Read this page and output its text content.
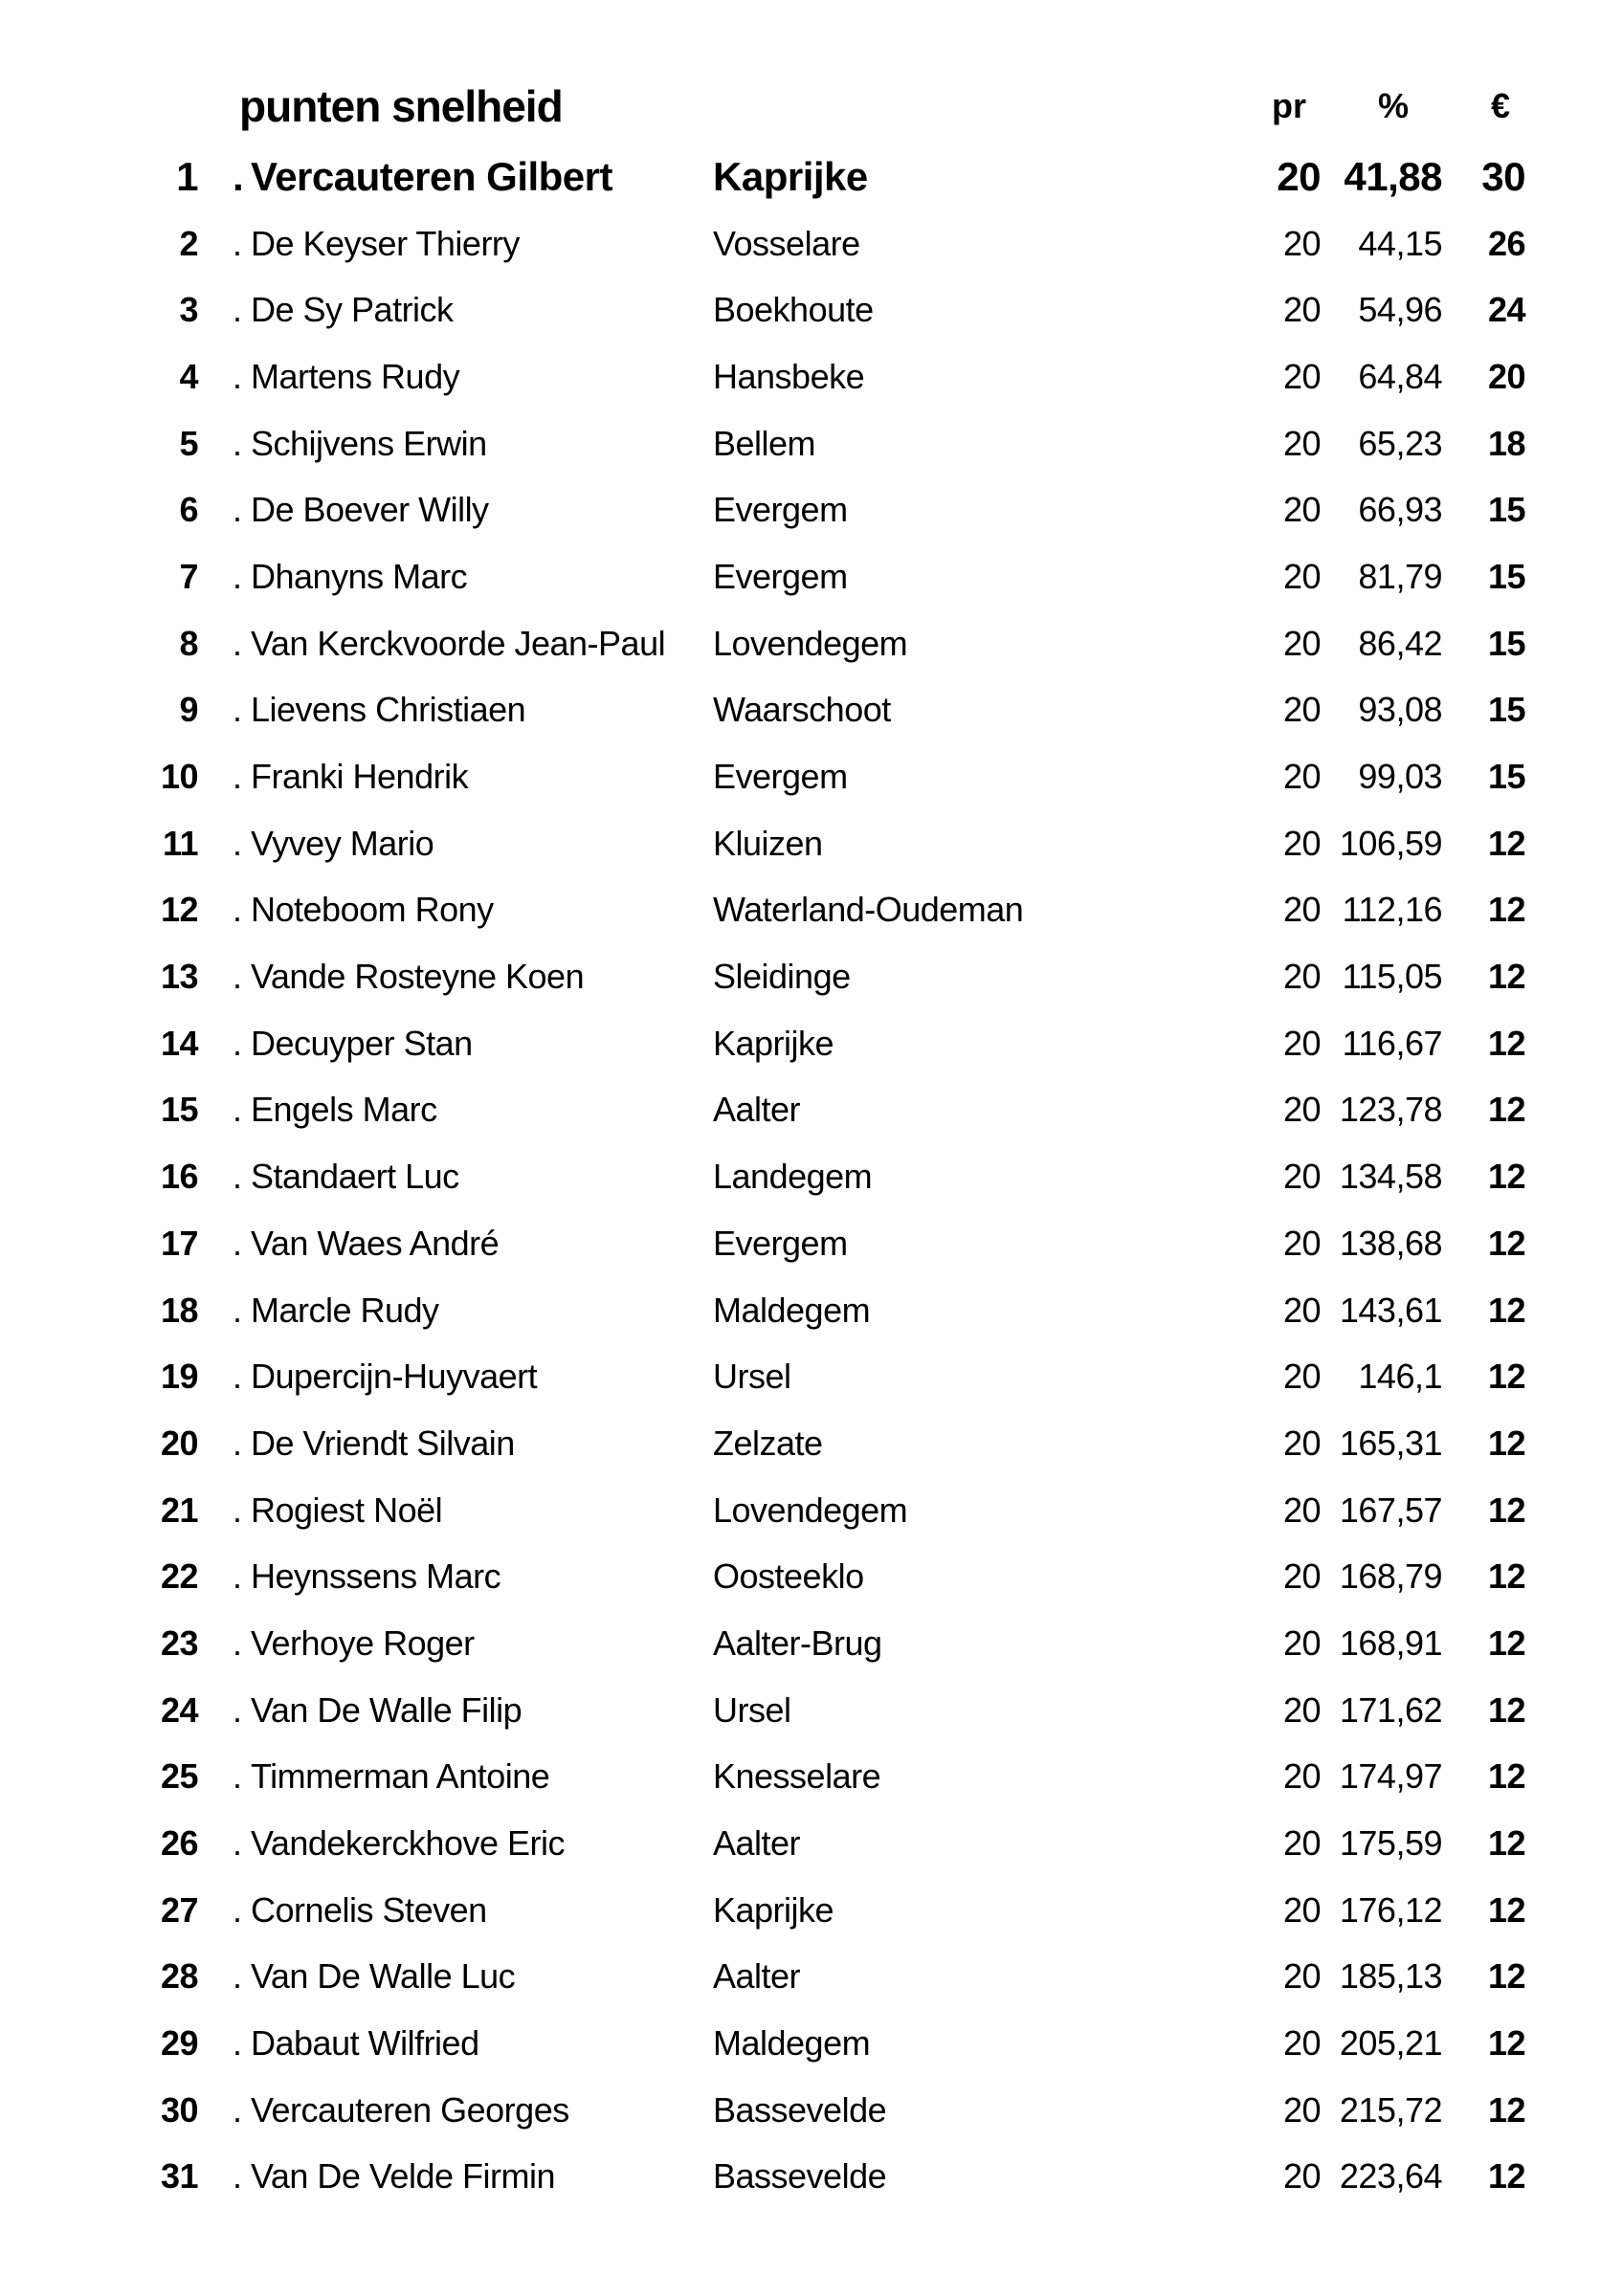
punten snelheid	pr	%	€
1 . Vercauteren Gilbert	Kaprijke	20 41,88 30
2	. De Keyser Thierry	Vosselare	20	44,15	26
3	. De Sy Patrick	Boekhoute	20	54,96	24
4	. Martens Rudy	Hansbeke	20	64,84	20
5	. Schijvens Erwin	Bellem	20	65,23	18
6	. De Boever Willy	Evergem	20	66,93	15
7	. Dhanyns Marc	Evergem	20	81,79	15
8	. Van Kerckvoorde Jean-Paul	Lovendegem	20	86,42	15
9	. Lievens Christiaen	Waarschoot	20	93,08	15
10	. Franki Hendrik	Evergem	20	99,03	15
11	. Vyvey Mario	Kluizen	20 106,59	12
12	. Noteboom Rony	Waterland-Oudeman	20 112,16	12
13	. Vande Rosteyne Koen	Sleidinge	20 115,05	12
14	. Decuyper Stan	Kaprijke	20 116,67	12
15	. Engels Marc	Aalter	20 123,78	12
16	. Standaert Luc	Landegem	20 134,58	12
17	. Van Waes André	Evergem	20 138,68	12
18	. Marcle Rudy	Maldegem	20 143,61	12
19	. Dupercijn-Huyvaert	Ursel	20	146,1	12
20	. De Vriendt Silvain	Zelzate	20 165,31	12
21	. Rogiest Noël	Lovendegem	20 167,57	12
22	. Heynssens Marc	Oosteeklo	20 168,79	12
23	. Verhoye Roger	Aalter-Brug	20 168,91	12
24	. Van De Walle Filip	Ursel	20 171,62	12
25	. Timmerman Antoine	Knesselare	20 174,97	12
26	. Vandekerckhove Eric	Aalter	20 175,59	12
27	. Cornelis Steven	Kaprijke	20 176,12	12
28	. Van De Walle Luc	Aalter	20 185,13	12
29	. Dabaut Wilfried	Maldegem	20 205,21	12
30	. Vercauteren Georges	Bassevelde	20 215,72	12
31	. Van De Velde Firmin	Bassevelde	20 223,64	12
